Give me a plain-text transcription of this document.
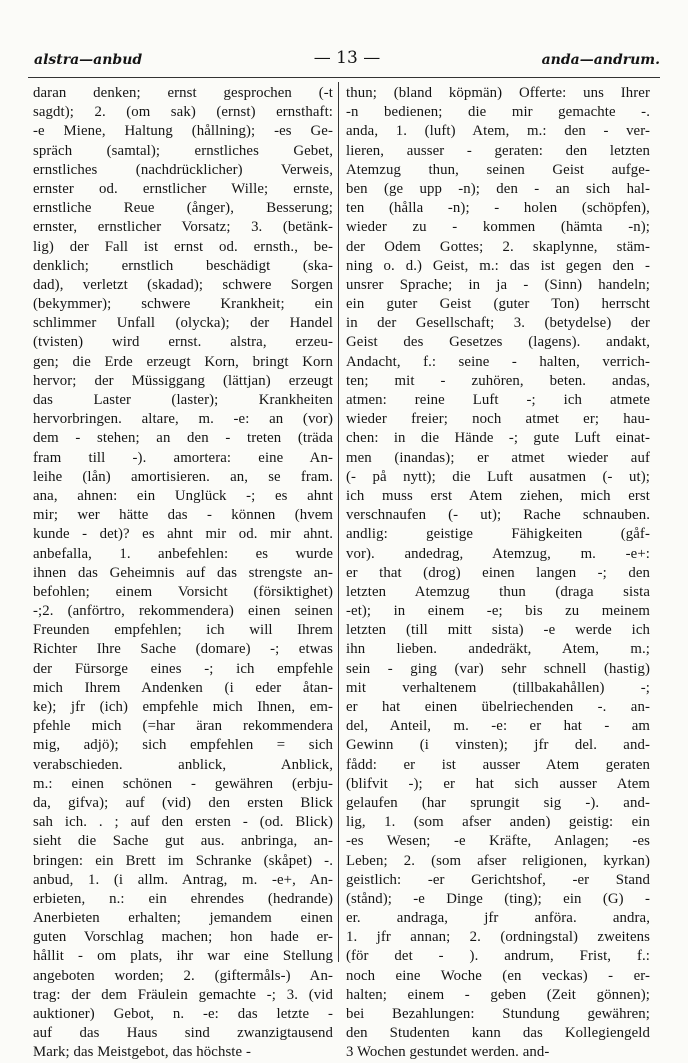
alstra—anbud	— 13 —	anda—andrum.
daran denken; ernst gesprochen (-t
sagdt); 2. (om sak) (ernst) ernsthaft:
-e Miene, Haltung (hållning); -es Ge-
spräch (samtal); ernstliches Gebet,
ernstliches (nachdrücklicher) Verweis,
ernster od. ernstlicher Wille; ernste,
ernstliche Reue (ånger), Besserung;
ernster, ernstlicher Vorsatz; 3. (betänk-
lig) der Fall ist ernst od. ernsth., be-
denklich; ernstlich beschädigt (ska-
dad), verletzt (skadad); schwere Sorgen
(bekymmer); schwere Krankheit; ein
schlimmer Unfall (olycka); der Handel
(tvisten) wird ernst. alstra, erzeu-
gen; die Erde erzeugt Korn, bringt Korn
hervor; der Müssiggang (lättjan) erzeugt
das Laster (laster); Krankheiten
hervorbringen. altare, m. -e: an (vor)
dem - stehen; an den - treten (träda
fram till -). amortera: eine An-
leihe (lån) amortisieren. an, se fram.
ana, ahnen: ein Unglück -; es ahnt
mir; wer hätte das - können (hvem
kunde - det)? es ahnt mir od. mir ahnt.
anbefalla, 1. anbefehlen: es wurde
ihnen das Geheimnis auf das strengste an-
befohlen; einem Vorsicht (försiktighet)
-;2. (anförtro, rekommendera) einen seinen
Freunden empfehlen; ich will Ihrem
Richter Ihre Sache (domare) -; etwas
der Fürsorge eines -; ich empfehle
mich Ihrem Andenken (i eder åtan-
ke); jfr (ich) empfehle mich Ihnen, em-
pfehle mich (=har äran rekommendera
mig, adjö); sich empfehlen = sich
verabschieden. anblick, Anblick,
m.: einen schönen - gewähren (erbju-
da, gifva); auf (vid) den ersten Blick
sah ich. . ; auf den ersten - (od. Blick)
sieht die Sache gut aus. anbringa, an-
bringen: ein Brett im Schranke (skåpet) -.
anbud, 1. (i allm. Antrag, m. -e+, An-
erbieten, n.: ein ehrendes (hedrande)
Anerbieten erhalten; jemandem einen
guten Vorschlag machen; hon hade er-
hållit - om plats, ihr war eine Stellung
angeboten worden; 2. (giftermåls-) An-
trag: der dem Fräulein gemachte -; 3. (vid
auktioner) Gebot, n. -e: das letzte -
auf das Haus sind zwanzigtausend
Mark; das Meistgebot, das höchste -
thun; (bland köpmän) Offerte: uns Ihrer
-n bedienen; die mir gemachte -.
anda, 1. (luft) Atem, m.: den - ver-
lieren, ausser - geraten: den letzten
Atemzug thun, seinen Geist aufge-
ben (ge upp -n); den - an sich hal-
ten (hålla -n); - holen (schöpfen),
wieder zu - kommen (hämta -n);
der Odem Gottes; 2. skaplynne, stäm-
ning o. d.) Geist, m.: das ist gegen den -
unsrer Sprache; in ja - (Sinn) handeln;
ein guter Geist (guter Ton) herrscht
in der Gesellschaft; 3. (betydelse) der
Geist des Gesetzes (lagens). andakt,
Andacht, f.: seine - halten, verrich-
ten; mit - zuhören, beten. andas,
atmen: reine Luft -; ich atmete
wieder freier; noch atmet er; hau-
chen: in die Hände -; gute Luft einat-
men (inandas); er atmet wieder auf
(- på nytt); die Luft ausatmen (- ut);
ich muss erst Atem ziehen, mich erst
verschnaufen (- ut); Rache schnauben.
andlig: geistige Fähigkeiten (gåf-
vor). andedrag, Atemzug, m. -e+:
er that (drog) einen langen -; den
letzten Atemzug thun (draga sista
-et); in einem -e; bis zu meinem
letzten (till mitt sista) -e werde ich
ihn lieben. andedräkt, Atem, m.;
sein - ging (var) sehr schnell (hastig)
mit verhaltenem (tillbakahållen) -;
er hat einen übelriechenden -. an-
del, Anteil, m. -e: er hat - am
Gewinn (i vinsten); jfr del. and-
fådd: er ist ausser Atem geraten
(blifvit -); er hat sich ausser Atem
gelaufen (har sprungit sig -). and-
lig, 1. (som afser anden) geistig: ein
-es Wesen; -e Kräfte, Anlagen; -es
Leben; 2. (som afser religionen, kyrkan)
geistlich: -er Gerichtshof, -er Stand
(stånd); -e Dinge (ting); ein (G) -
er. andraga, jfr anföra. andra,
1. jfr annan; 2. (ordningstal) zweitens
(för det - ). andrum, Frist, f.:
noch eine Woche (en veckas) - er-
halten; einem - geben (Zeit gönnen);
bei Bezahlungen: Stundung gewähren;
den Studenten kann das Kollegiengeld
3 Wochen gestundet werden. and-
